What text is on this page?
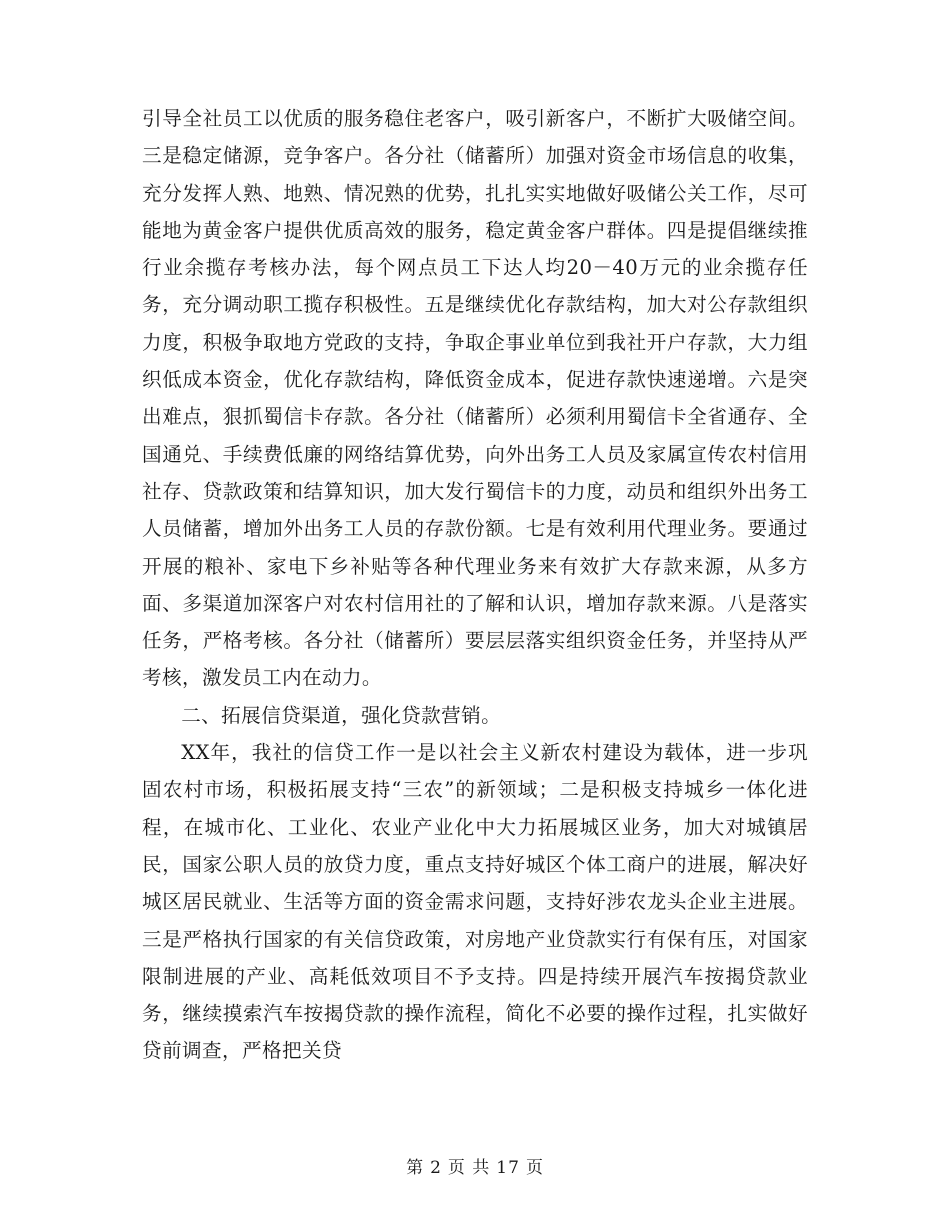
引导全社员工以优质的服务稳住老客户，吸引新客户，不断扩大吸储空间。三是稳定储源，竞争客户。各分社（储蓄所）加强对资金市场信息的收集，充分发挥人熟、地熟、情况熟的优势，扎扎实实地做好吸储公关工作，尽可能地为黄金客户提供优质高效的服务，稳定黄金客户群体。四是提倡继续推行业余揽存考核办法，每个网点员工下达人均20－40万元的业余揽存任务，充分调动职工揽存积极性。五是继续优化存款结构，加大对公存款组织力度，积极争取地方党政的支持，争取企事业单位到我社开户存款，大力组织低成本资金，优化存款结构，降低资金成本，促进存款快速递增。六是突出难点，狠抓蜀信卡存款。各分社（储蓄所）必须利用蜀信卡全省通存、全国通兑、手续费低廉的网络结算优势，向外出务工人员及家属宣传农村信用社存、贷款政策和结算知识，加大发行蜀信卡的力度，动员和组织外出务工人员储蓄，增加外出务工人员的存款份额。七是有效利用代理业务。要通过开展的粮补、家电下乡补贴等各种代理业务来有效扩大存款来源，从多方面、多渠道加深客户对农村信用社的了解和认识，增加存款来源。八是落实任务，严格考核。各分社（储蓄所）要层层落实组织资金任务，并坚持从严考核，激发员工内在动力。

二、拓展信贷渠道，强化贷款营销。

XX年，我社的信贷工作一是以社会主义新农村建设为载体，进一步巩固农村市场，积极拓展支持“三农”的新领域；二是积极支持城乡一体化进程，在城市化、工业化、农业产业化中大力拓展城区业务，加大对城镇居民，国家公职人员的放贷力度，重点支持好城区个体工商户的进展，解决好城区居民就业、生活等方面的资金需求问题，支持好涉农龙头企业主进展。三是严格执行国家的有关信贷政策，对房地产业贷款实行有保有压，对国家限制进展的产业、高耗低效项目不予支持。四是持续开展汽车按揭贷款业务，继续摸索汽车按揭贷款的操作流程，简化不必要的操作过程，扎实做好贷前调查，严格把关贷

第 2 页 共 17 页
